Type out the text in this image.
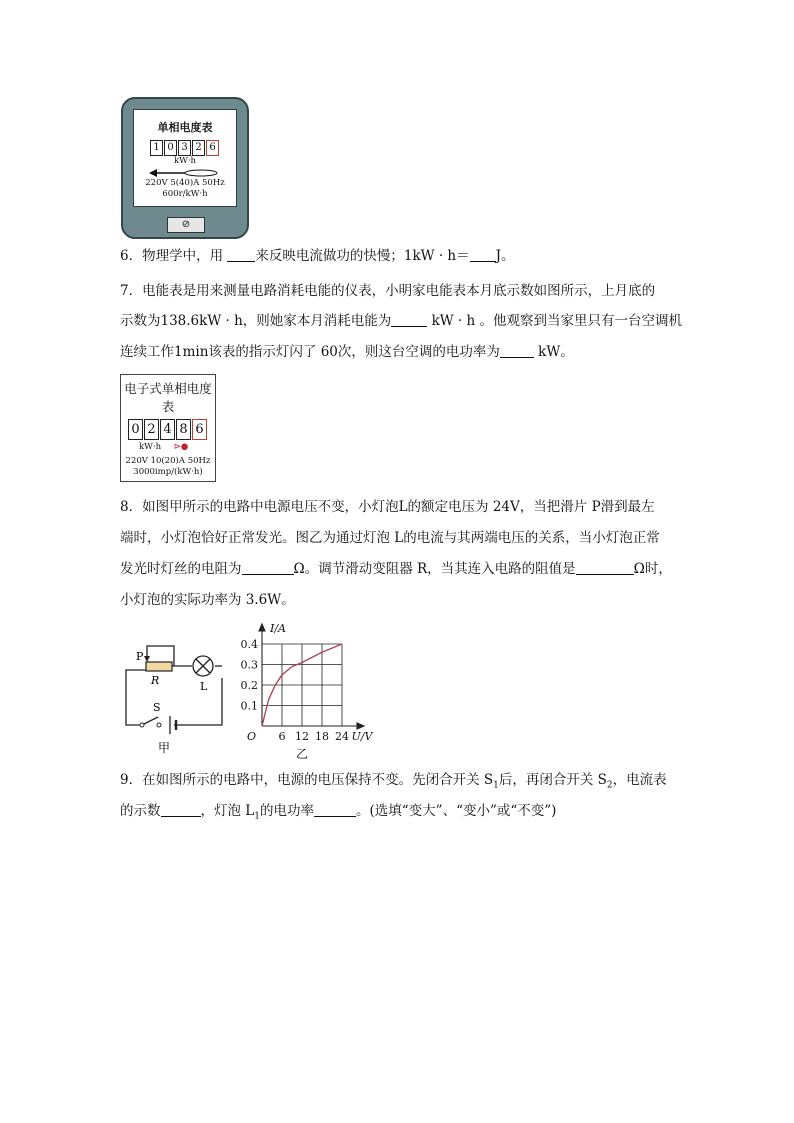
单相电度表
1 0 3 2 6
kW·h
220V 5(40)A 50Hz
600r/kW·h
⊘
6．物理学中，用 来反映电流做功的快慢；1kW · h＝ J。
7．电能表是用来测量电路消耗电能的仪表，小明家电能表本月底示数如图所示，上月底的
示数为138.6kW · h，则她家本月消耗电能为	kW · h 。他观察到当家里只有一台空调机
连续工作1min该表的指示灯闪了 60次，则这台空调的电功率为	kW。
电子式单相电度表
0 2 4 8 6
kW·h ⊳●
220V 10(20)A 50Hz
3000imp/(kW·h)
8．如图甲所示的电路中电源电压不变，小灯泡L的额定电压为 24V，当把滑片 P滑到最左
端时，小灯泡恰好正常发光。图乙为通过灯泡 L的电流与其两端电压的关系，当小灯泡正常
发光时灯丝的电阻为	Ω。调节滑动变阻器 R，当其连入电路的阻值是	Ω时，
小灯泡的实际功率为 3.6W。
P
R	L
S
甲
6 12 18 24
0.1
0.2
0.3
0.4
O
I/A
U/V
乙
9．在如图所示的电路中，电源的电压保持不变。先闭合开关 $S_1$后，再闭合开关 $S_2$，电流表
的示数	，灯泡 $L_1$的电功率	。(选填“变大”、“变小”或“不变”)
